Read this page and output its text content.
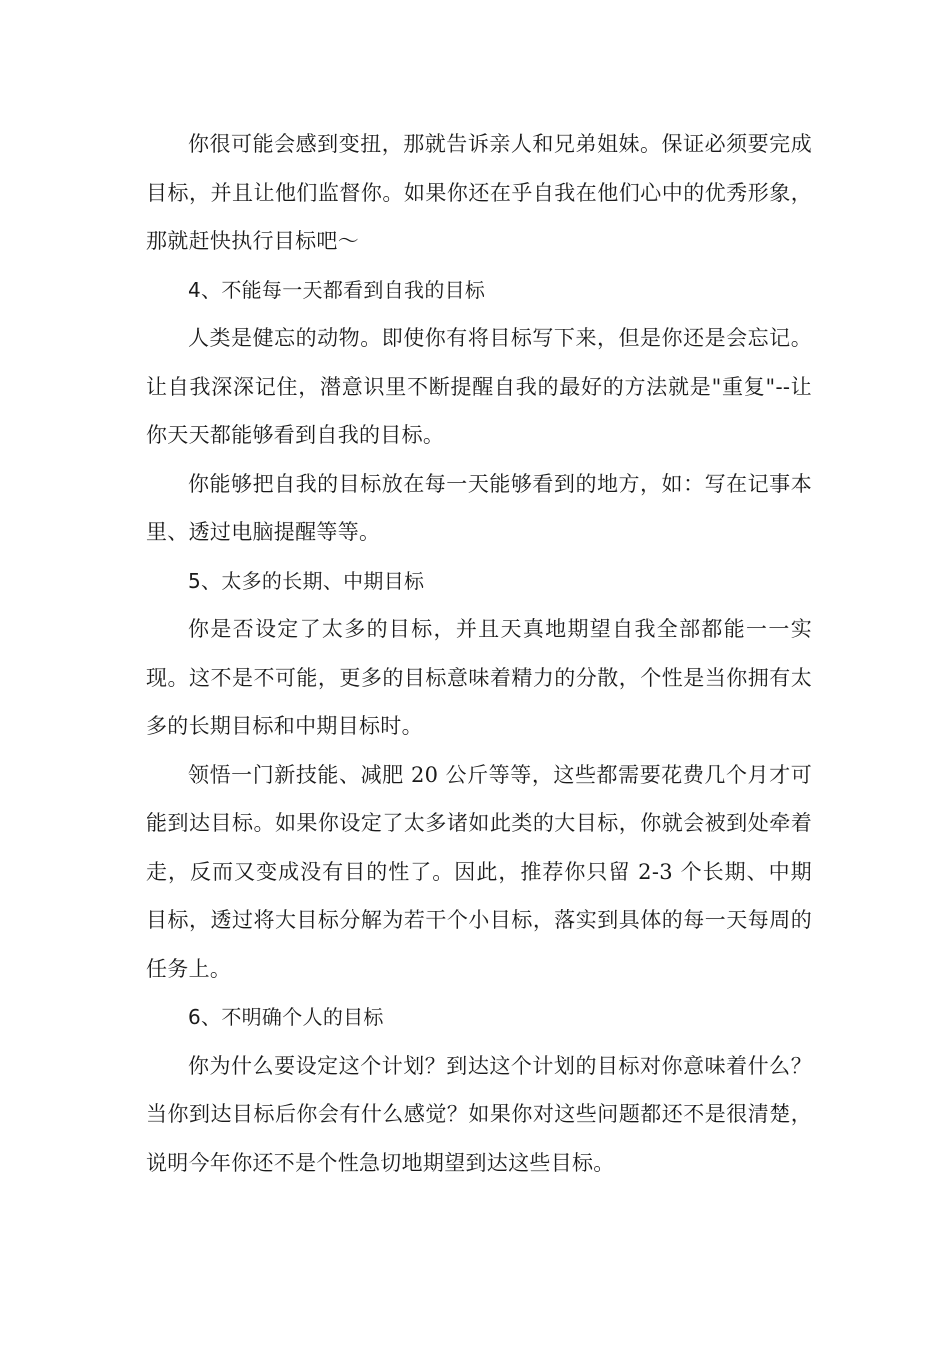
你很可能会感到变扭，那就告诉亲人和兄弟姐妹。保证必须要完成目标，并且让他们监督你。如果你还在乎自我在他们心中的优秀形象，那就赶快执行目标吧～

4、不能每一天都看到自我的目标

人类是健忘的动物。即使你有将目标写下来，但是你还是会忘记。让自我深深记住，潜意识里不断提醒自我的最好的方法就是"重复"--让你天天都能够看到自我的目标。

你能够把自我的目标放在每一天能够看到的地方，如：写在记事本里、透过电脑提醒等等。

5、太多的长期、中期目标

你是否设定了太多的目标，并且天真地期望自我全部都能一一实现。这不是不可能，更多的目标意味着精力的分散，个性是当你拥有太多的长期目标和中期目标时。

领悟一门新技能、减肥 20 公斤等等，这些都需要花费几个月才可能到达目标。如果你设定了太多诸如此类的大目标，你就会被到处牵着走，反而又变成没有目的性了。因此，推荐你只留 2-3 个长期、中期目标，透过将大目标分解为若干个小目标，落实到具体的每一天每周的任务上。

6、不明确个人的目标

你为什么要设定这个计划？到达这个计划的目标对你意味着什么？当你到达目标后你会有什么感觉？如果你对这些问题都还不是很清楚，说明今年你还不是个性急切地期望到达这些目标。
